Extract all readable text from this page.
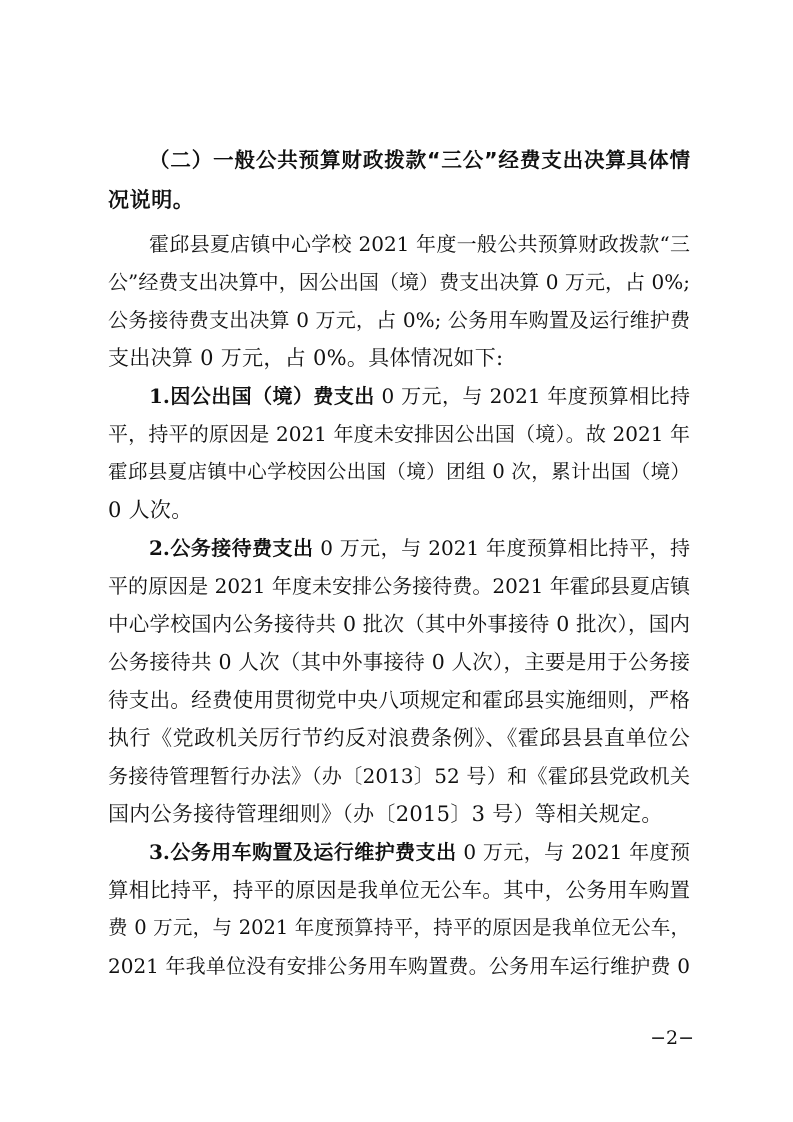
（二）一般公共预算财政拨款“三公”经费支出决算具体情
况说明。
霍邱县夏店镇中心学校 2021 年度一般公共预算财政拨款“三
公”经费支出决算中，因公出国（境）费支出决算 0 万元，占 0%;
公务接待费支出决算 0 万元，占 0%; 公务用车购置及运行维护费
支出决算 0 万元，占 0%。具体情况如下:
1.因公出国（境）费支出 0 万元，与 2021 年度预算相比持
平，持平的原因是 2021 年度未安排因公出国（境）。故 2021 年
霍邱县夏店镇中心学校因公出国（境）团组 0 次，累计出国（境）
0 人次。
2.公务接待费支出 0 万元，与 2021 年度预算相比持平，持
平的原因是 2021 年度未安排公务接待费。2021 年霍邱县夏店镇
中心学校国内公务接待共 0 批次（其中外事接待 0 批次），国内
公务接待共 0 人次（其中外事接待 0 人次），主要是用于公务接
待支出。经费使用贯彻党中央八项规定和霍邱县实施细则，严格
执行《党政机关厉行节约反对浪费条例》、《霍邱县县直单位公
务接待管理暂行办法》（办〔2013〕52 号）和《霍邱县党政机关
国内公务接待管理细则》（办〔2015〕3 号）等相关规定。
3.公务用车购置及运行维护费支出 0 万元，与 2021 年度预
算相比持平，持平的原因是我单位无公车。其中，公务用车购置
费 0 万元，与 2021 年度预算持平，持平的原因是我单位无公车，
2021 年我单位没有安排公务用车购置费。公务用车运行维护费 0
−2−
